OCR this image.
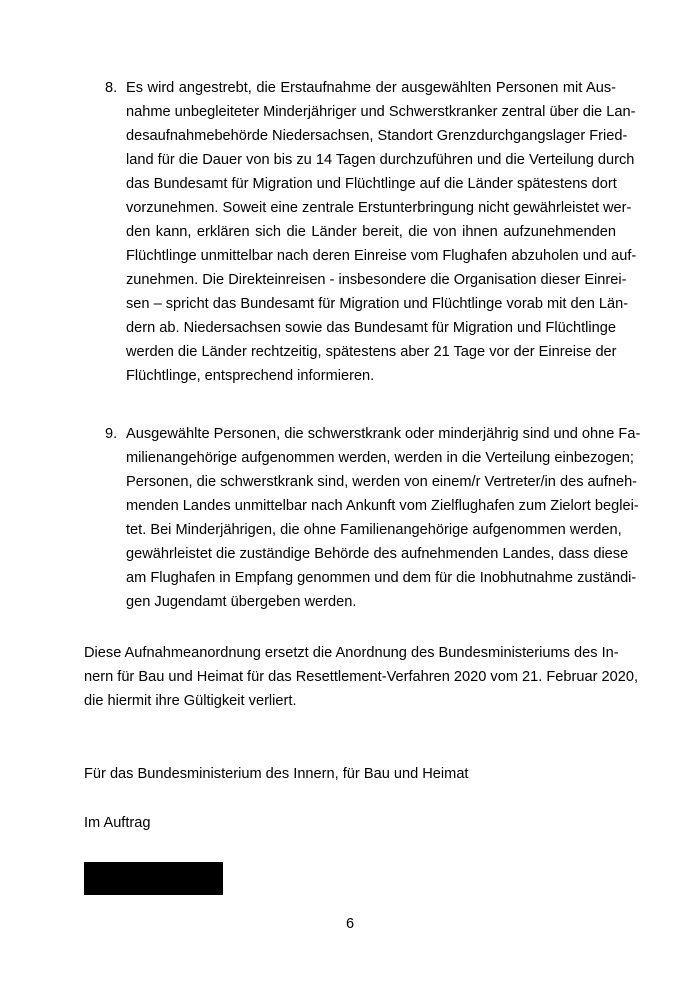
8. Es wird angestrebt, die Erstaufnahme der ausgewählten Personen mit Aus-
nahme unbegleiteter Minderjähriger und Schwerstkranker zentral über die Lan-
desaufnahmebehörde Niedersachsen, Standort Grenzdurchgangslager Fried-
land für die Dauer von bis zu 14 Tagen durchzuführen und die Verteilung durch
das Bundesamt für Migration und Flüchtlinge auf die Länder spätestens dort
vorzunehmen. Soweit eine zentrale Erstunterbringung nicht gewährleistet wer-
den kann, erklären sich die Länder bereit, die von ihnen aufzunehmenden
Flüchtlinge unmittelbar nach deren Einreise vom Flughafen abzuholen und auf-
zunehmen. Die Direkteinreisen - insbesondere die Organisation dieser Einrei-
sen – spricht das Bundesamt für Migration und Flüchtlinge vorab mit den Län-
dern ab. Niedersachsen sowie das Bundesamt für Migration und Flüchtlinge
werden die Länder rechtzeitig, spätestens aber 21 Tage vor der Einreise der
Flüchtlinge, entsprechend informieren.
9. Ausgewählte Personen, die schwerstkrank oder minderjährig sind und ohne Fa-
milienangehörige aufgenommen werden, werden in die Verteilung einbezogen;
Personen, die schwerstkrank sind, werden von einem/r Vertreter/in des aufneh-
menden Landes unmittelbar nach Ankunft vom Zielflughafen zum Zielort beglei-
tet. Bei Minderjährigen, die ohne Familienangehörige aufgenommen werden,
gewährleistet die zuständige Behörde des aufnehmenden Landes, dass diese
am Flughafen in Empfang genommen und dem für die Inobhutnahme zuständi-
gen Jugendamt übergeben werden.
Diese Aufnahmeanordnung ersetzt die Anordnung des Bundesministeriums des In-
nern für Bau und Heimat für das Resettlement-Verfahren 2020 vom 21. Februar 2020,
die hiermit ihre Gültigkeit verliert.
Für das Bundesministerium des Innern, für Bau und Heimat
Im Auftrag
6
